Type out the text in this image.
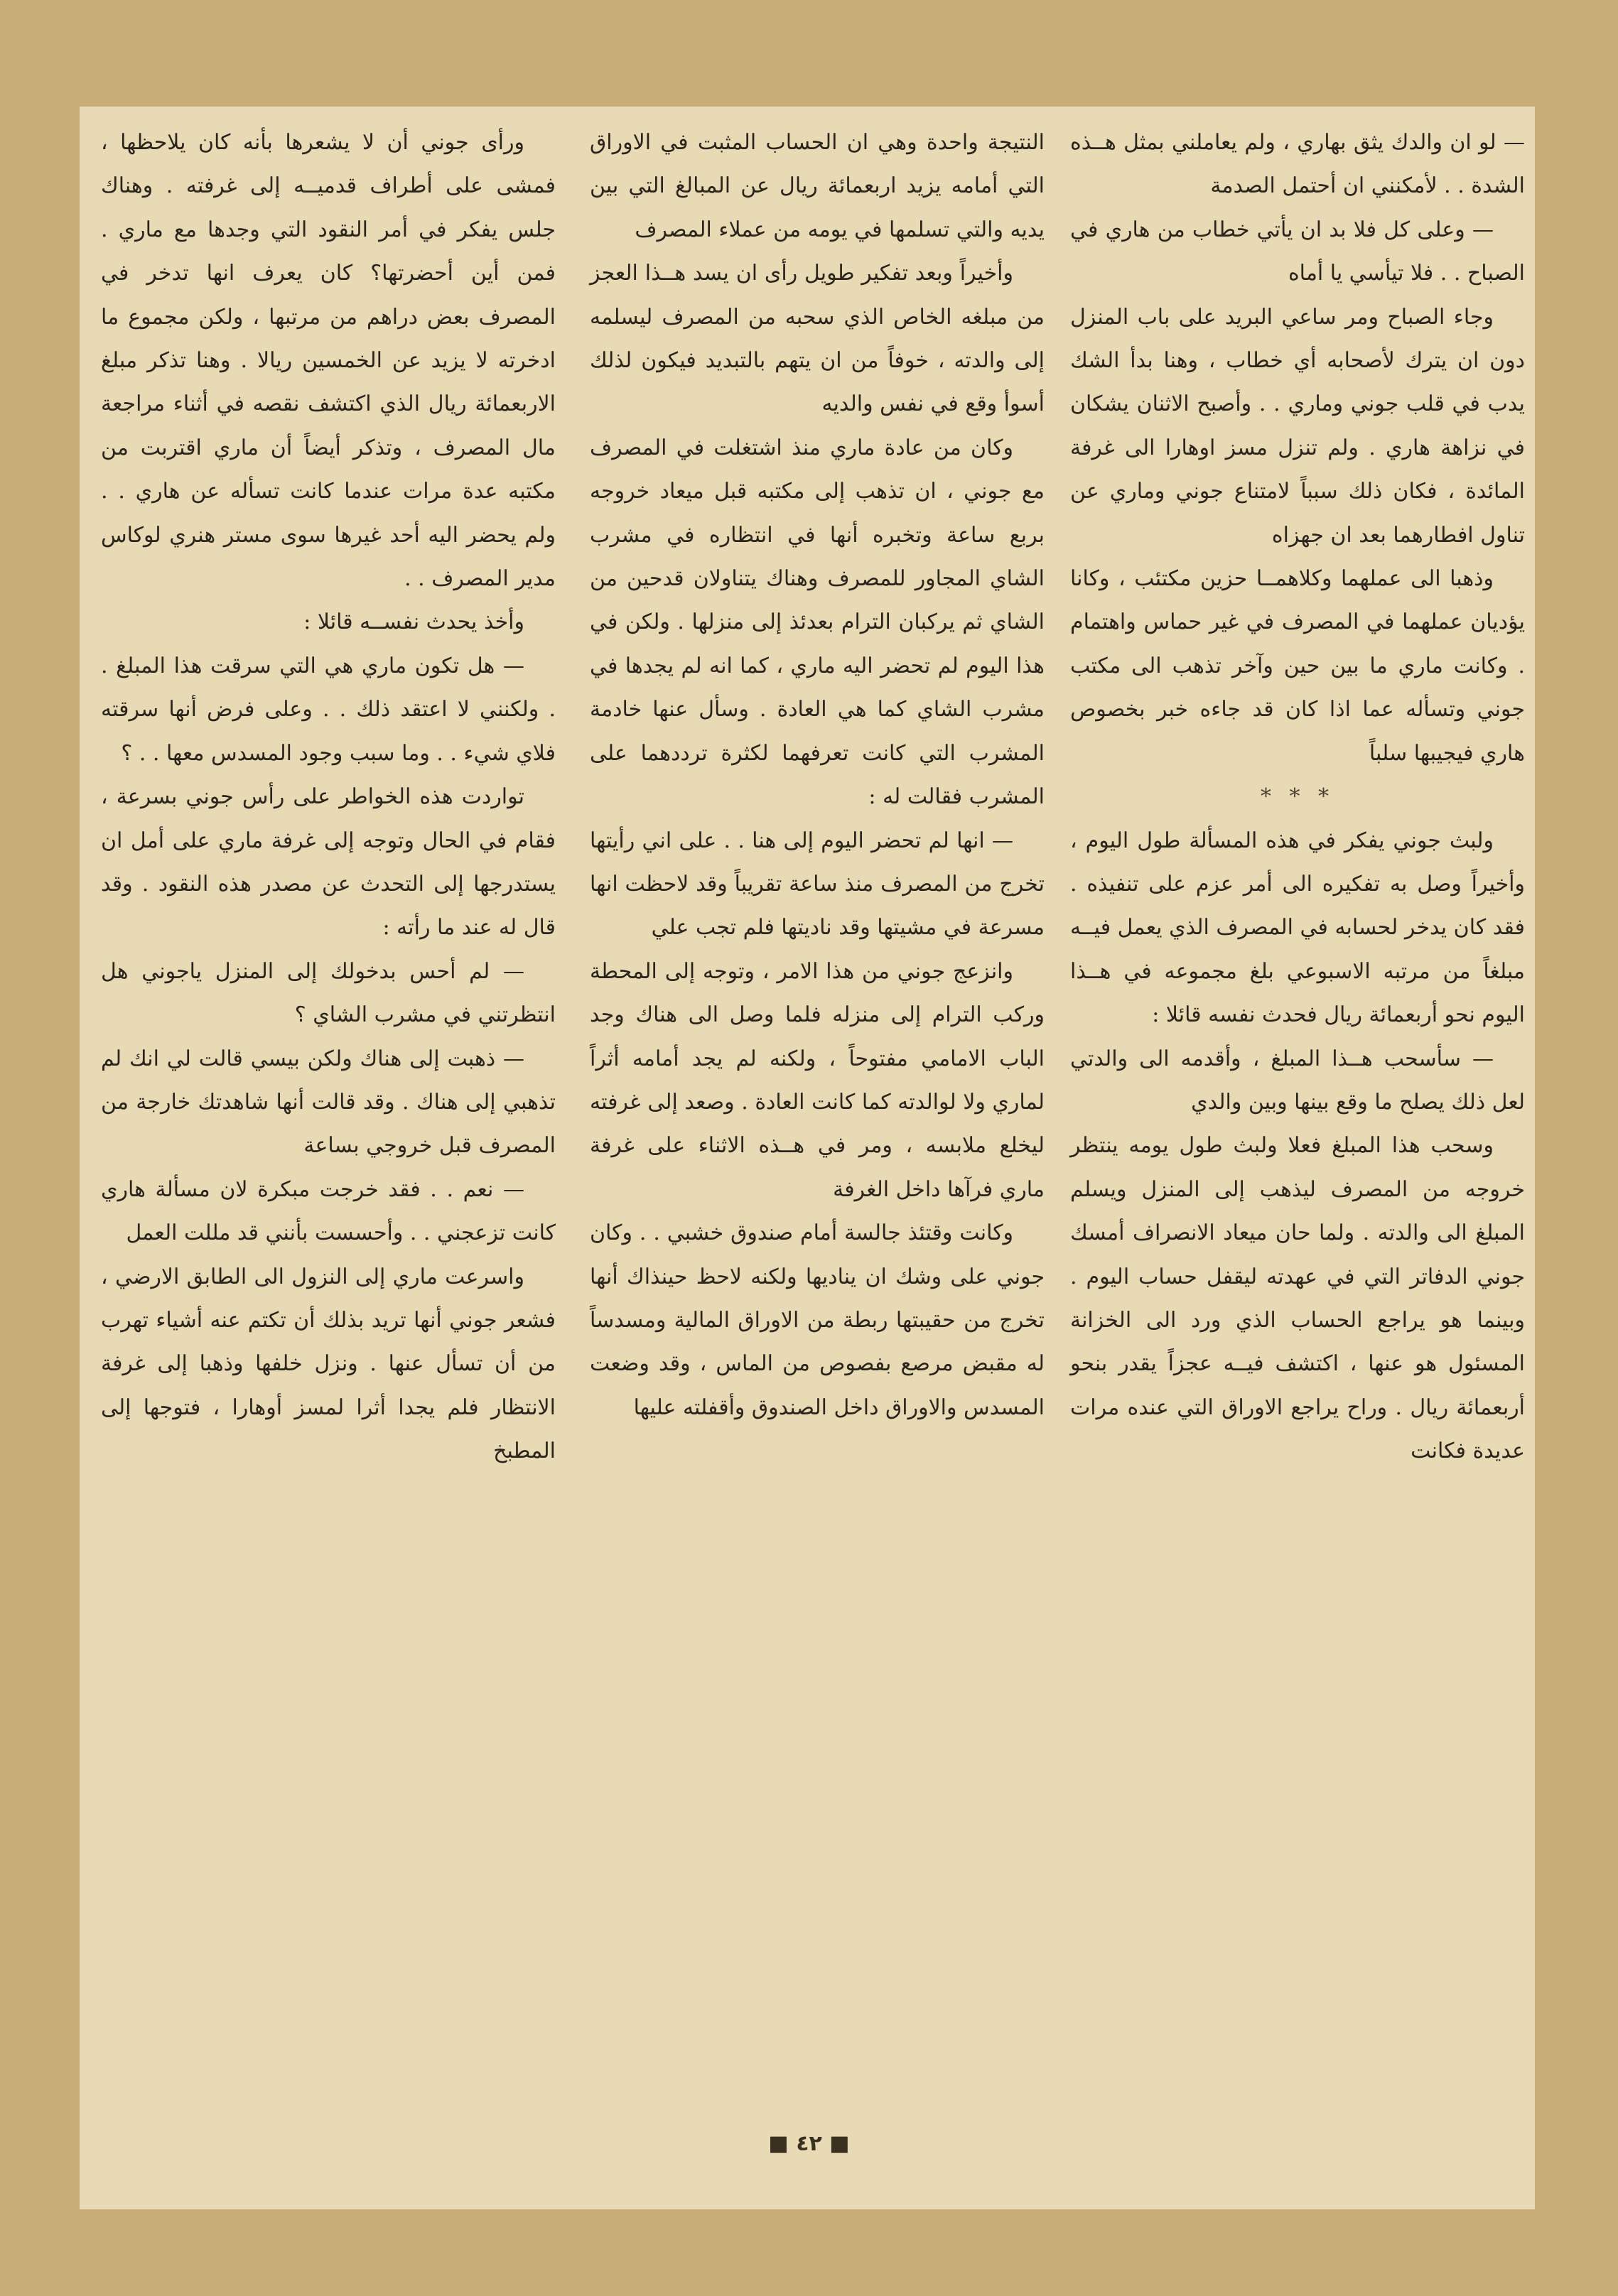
— لو ان والدك يثق بهاري ، ولم يعاملني بمثل هــذه الشدة . . لأمكنني ان أحتمل الصدمة

— وعلى كل فلا بد ان يأتي خطاب من هاري في الصباح . . فلا تيأسي يا أماه

وجاء الصباح ومر ساعي البريد على باب المنزل دون ان يترك لأصحابه أي خطاب ، وهنا بدأ الشك يدب في قلب جوني وماري . . وأصبح الاثنان يشكان في نزاهة هاري . ولم تنزل مسز اوهارا الى غرفة المائدة ، فكان ذلك سبباً لامتناع جوني وماري عن تناول افطارهما بعد ان جهزاه

وذهبا الى عملهما وكلاهمــا حزين مكتئب ، وكانا يؤديان عملهما في المصرف في غير حماس واهتمام . وكانت ماري ما بين حين وآخر تذهب الى مكتب جوني وتسأله عما اذا كان قد جاءه خبر بخصوص هاري فيجيبها سلباً

* * *

ولبث جوني يفكر في هذه المسألة طول اليوم ، وأخيراً وصل به تفكيره الى أمر عزم على تنفيذه . فقد كان يدخر لحسابه في المصرف الذي يعمل فيــه مبلغاً من مرتبه الاسبوعي بلغ مجموعه في هــذا اليوم نحو أربعمائة ريال فحدث نفسه قائلا :

— سأسحب هــذا المبلغ ، وأقدمه الى والدتي لعل ذلك يصلح ما وقع بينها وبين والدي

وسحب هذا المبلغ فعلا ولبث طول يومه ينتظر خروجه من المصرف ليذهب إلى المنزل ويسلم المبلغ الى والدته . ولما حان ميعاد الانصراف أمسك جوني الدفاتر التي في عهدته ليقفل حساب اليوم . وبينما هو يراجع الحساب الذي ورد الى الخزانة المسئول هو عنها ، اكتشف فيــه عجزاً يقدر بنحو أربعمائة ريال . وراح يراجع الاوراق التي عنده مرات عديدة فكانت

النتيجة واحدة وهي ان الحساب المثبت في الاوراق التي أمامه يزيد اربعمائة ريال عن المبالغ التي بين يديه والتي تسلمها في يومه من عملاء المصرف

وأخيراً وبعد تفكير طويل رأى ان يسد هــذا العجز من مبلغه الخاص الذي سحبه من المصرف ليسلمه إلى والدته ، خوفاً من ان يتهم بالتبديد فيكون لذلك أسوأ وقع في نفس والديه

وكان من عادة ماري منذ اشتغلت في المصرف مع جوني ، ان تذهب إلى مكتبه قبل ميعاد خروجه بربع ساعة وتخبره أنها في انتظاره في مشرب الشاي المجاور للمصرف وهناك يتناولان قدحين من الشاي ثم يركبان الترام بعدئذ إلى منزلها . ولكن في هذا اليوم لم تحضر اليه ماري ، كما انه لم يجدها في مشرب الشاي كما هي العادة . وسأل عنها خادمة المشرب التي كانت تعرفهما لكثرة ترددهما على المشرب فقالت له :

— انها لم تحضر اليوم إلى هنا . . على اني رأيتها تخرج من المصرف منذ ساعة تقريباً وقد لاحظت انها مسرعة في مشيتها وقد ناديتها فلم تجب علي

وانزعج جوني من هذا الامر ، وتوجه إلى المحطة وركب الترام إلى منزله فلما وصل الى هناك وجد الباب الامامي مفتوحاً ، ولكنه لم يجد أمامه أثراً لماري ولا لوالدته كما كانت العادة . وصعد إلى غرفته ليخلع ملابسه ، ومر في هــذه الاثناء على غرفة ماري فرآها داخل الغرفة

وكانت وقتئذ جالسة أمام صندوق خشبي . . وكان جوني على وشك ان يناديها ولكنه لاحظ حينذاك أنها تخرج من حقيبتها ربطة من الاوراق المالية ومسدساً له مقبض مرصع بفصوص من الماس ، وقد وضعت المسدس والاوراق داخل الصندوق وأقفلته عليها

ورأى جوني أن لا يشعرها بأنه كان يلاحظها ، فمشى على أطراف قدميــه إلى غرفته . وهناك جلس يفكر في أمر النقود التي وجدها مع ماري . فمن أين أحضرتها؟ كان يعرف انها تدخر في المصرف بعض دراهم من مرتبها ، ولكن مجموع ما ادخرته لا يزيد عن الخمسين ريالا . وهنا تذكر مبلغ الاربعمائة ريال الذي اكتشف نقصه في أثناء مراجعة مال المصرف ، وتذكر أيضاً أن ماري اقتربت من مكتبه عدة مرات عندما كانت تسأله عن هاري . . ولم يحضر اليه أحد غيرها سوى مستر هنري لوكاس مدير المصرف . .

وأخذ يحدث نفســه قائلا :

— هل تكون ماري هي التي سرقت هذا المبلغ . . ولكنني لا اعتقد ذلك . . وعلى فرض أنها سرقته فلاي شيء . . وما سبب وجود المسدس معها . . ؟

تواردت هذه الخواطر على رأس جوني بسرعة ، فقام في الحال وتوجه إلى غرفة ماري على أمل ان يستدرجها إلى التحدث عن مصدر هذه النقود . وقد قال له عند ما رأته :

— لم أحس بدخولك إلى المنزل ياجوني هل انتظرتني في مشرب الشاي ؟

— ذهبت إلى هناك ولكن بيسي قالت لي انك لم تذهبي إلى هناك . وقد قالت أنها شاهدتك خارجة من المصرف قبل خروجي بساعة

— نعم . . فقد خرجت مبكرة لان مسألة هاري كانت تزعجني . . وأحسست بأنني قد مللت العمل

واسرعت ماري إلى النزول الى الطابق الارضي ، فشعر جوني أنها تريد بذلك أن تكتم عنه أشياء تهرب من أن تسأل عنها . ونزل خلفها وذهبا إلى غرفة الانتظار فلم يجدا أثرا لمسز أوهارا ، فتوجها إلى المطبخ

■ ٤٢ ■
